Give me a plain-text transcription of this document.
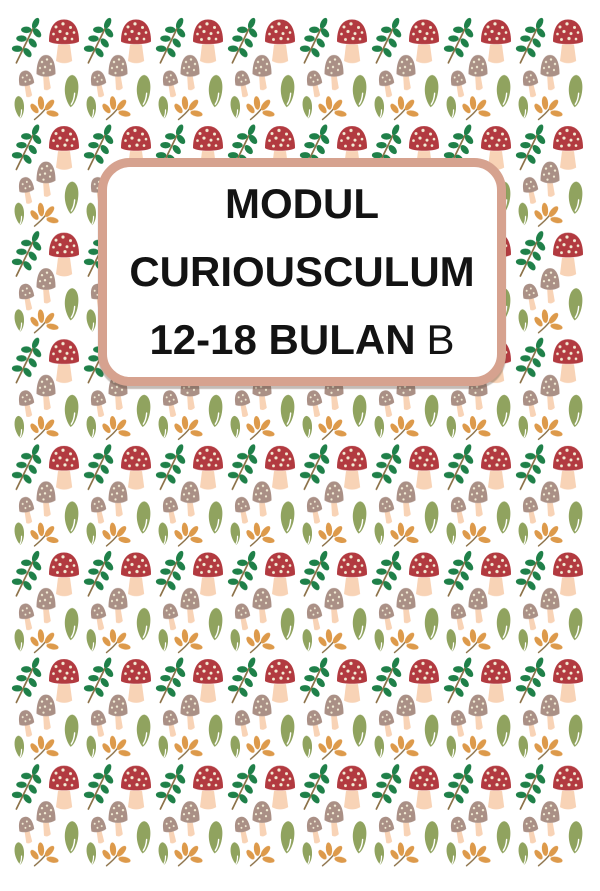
MODUL
CURIOUSCULUM
12-18 BULAN B
